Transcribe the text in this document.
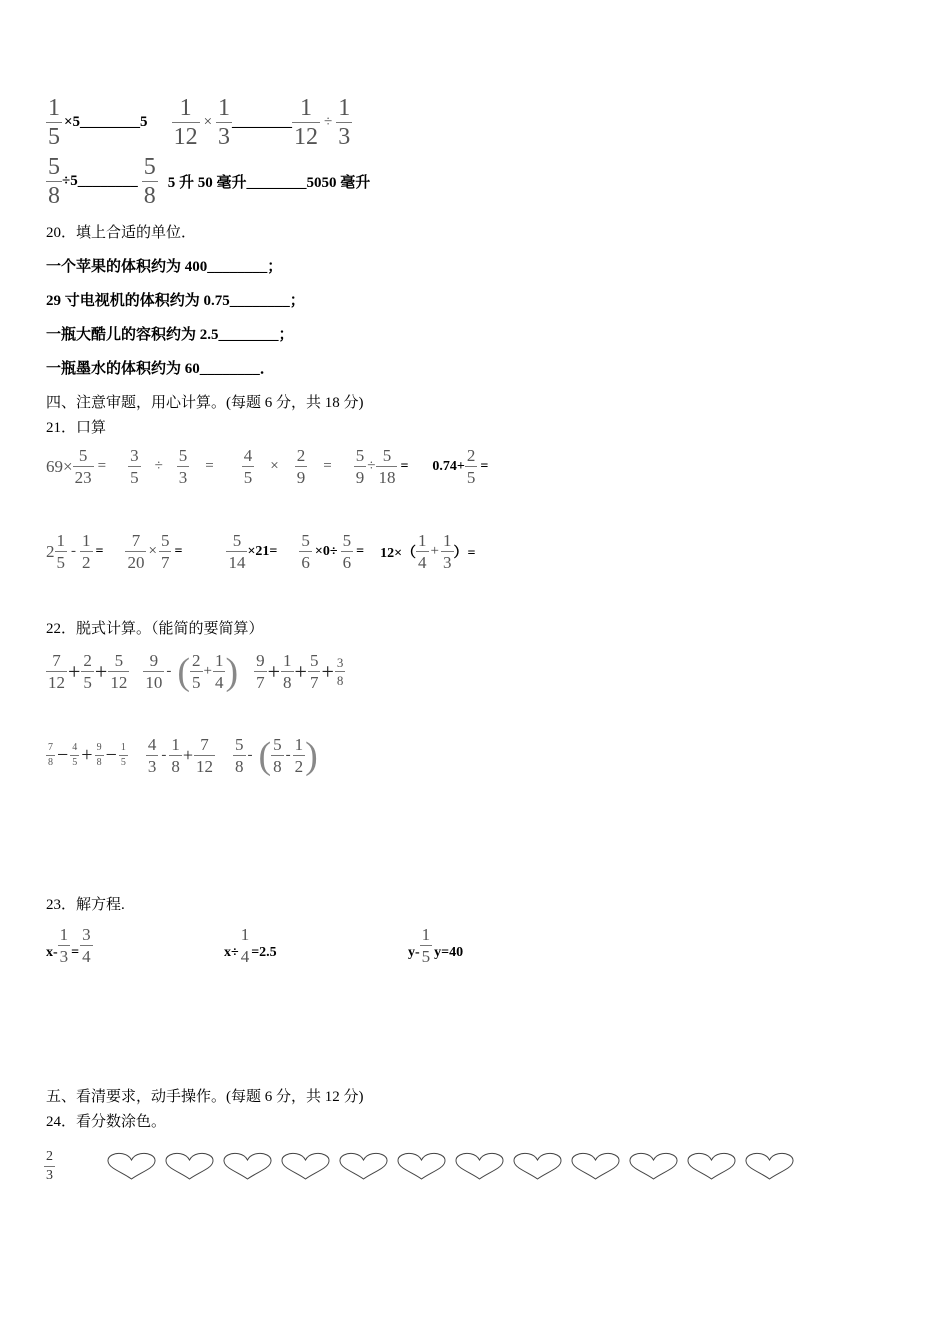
$\frac{1}{5}$ ×5________5 $\frac{1}{12} \times \frac{1}{3}$ ________ $\frac{1}{12} \div \frac{1}{3}$
$\frac{5}{8}$ ÷5________ $\frac{5}{8} 5$ 升 50 毫升________5050 毫升
20．填上合适的单位．
一个苹果的体积约为 400________；
29 寸电视机的体积约为 0.75________；
一瓶大酷儿的容积约为 2.5________；
一瓶墨水的体积约为 60________．
四、注意审题，用心计算。(每题 6 分，共 18 分)
21．口算
$69\times \frac{5}{23} = \frac{3}{5} \div \frac{5}{3} = \frac{4}{5} \times \frac{2}{9} = \frac{5}{9} \div \frac{5}{18} = 0.74+ \frac{2}{5}$ =
$2 \frac{1}{5} - \frac{1}{2} = \frac{7}{20} \times \frac{5}{7}$ =	$\frac{5}{14} \times 21= \frac{5}{6} \times 0\div \frac{5}{6} = 12\times( \frac{1}{4} + \frac{1}{3}$ ）=
22．脱式计算。（能简的要简算）
$\frac{7}{12} + \frac{2}{5} + \frac{5}{12} \frac{9}{10}$ - ( $\frac{2}{5} + \frac{1}{4}$ ) $\frac{9}{7} + \frac{1}{8} + \frac{5}{7} + \frac{3}{8}$
$\frac{7}{8} - \frac{4}{5} + \frac{9}{8} - \frac{1}{5} \frac{4}{3} - \frac{1}{8} + \frac{7}{12} \frac{5}{8}$ - ( $\frac{5}{8} - \frac{1}{2}$ )
23．解方程.
$x- \frac{1}{3} = \frac{3}{4}$	x÷
1
4 =2.5	$y- \frac{1}{5} y=40$
五、看清要求，动手操作。(每题 6 分，共 12 分)
24．看分数涂色。
$\frac{2}{3}$
